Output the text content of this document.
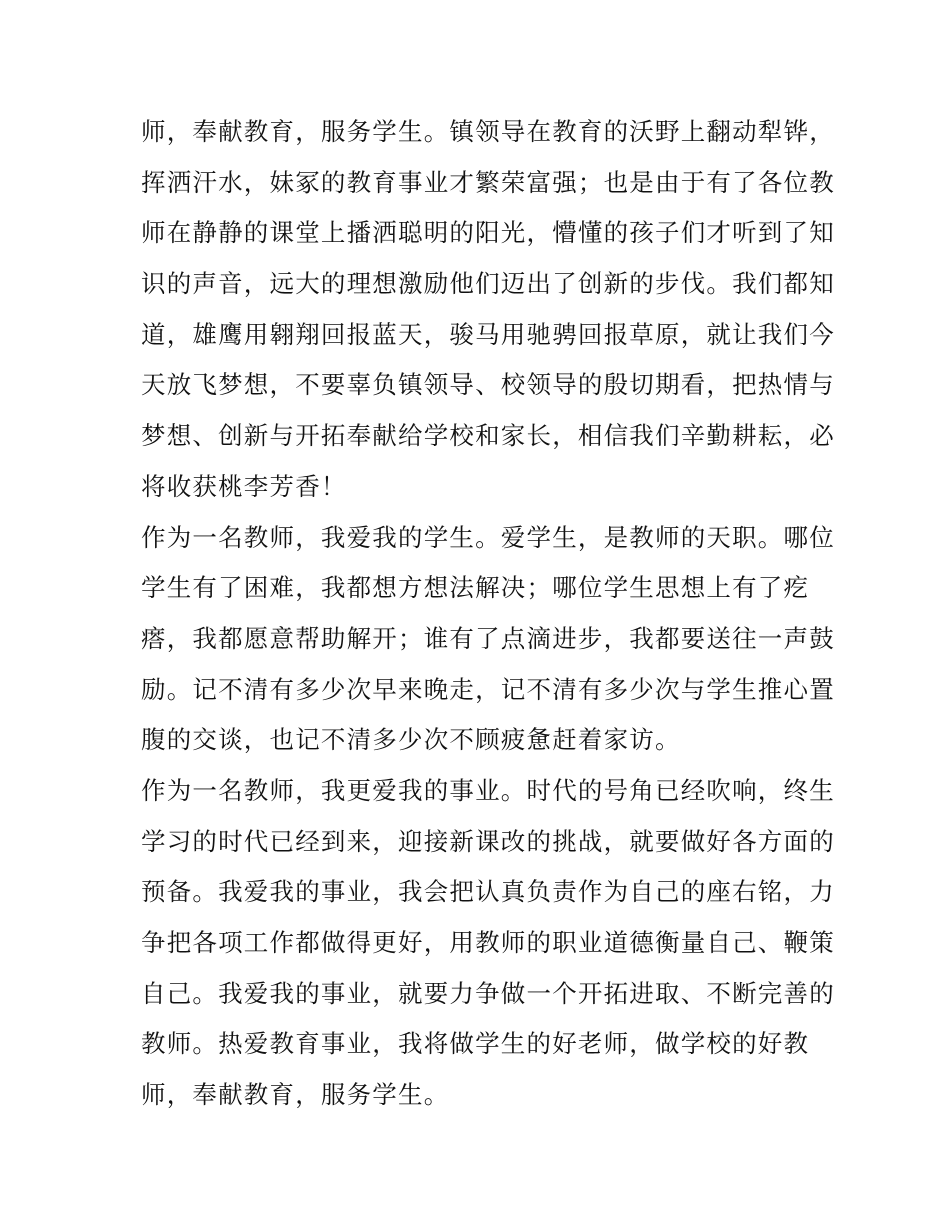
师，奉献教育，服务学生。镇领导在教育的沃野上翻动犁铧，
挥洒汗水，妹冢的教育事业才繁荣富强；也是由于有了各位教
师在静静的课堂上播洒聪明的阳光，懵懂的孩子们才听到了知
识的声音，远大的理想激励他们迈出了创新的步伐。我们都知
道，雄鹰用翱翔回报蓝天，骏马用驰骋回报草原，就让我们今
天放飞梦想，不要辜负镇领导、校领导的殷切期看，把热情与
梦想、创新与开拓奉献给学校和家长，相信我们辛勤耕耘，必
将收获桃李芳香！
作为一名教师，我爱我的学生。爱学生，是教师的天职。哪位
学生有了困难，我都想方想法解决；哪位学生思想上有了疙
瘩，我都愿意帮助解开；谁有了点滴进步，我都要送往一声鼓
励。记不清有多少次早来晚走，记不清有多少次与学生推心置
腹的交谈，也记不清多少次不顾疲惫赶着家访。
作为一名教师，我更爱我的事业。时代的号角已经吹响，终生
学习的时代已经到来，迎接新课改的挑战，就要做好各方面的
预备。我爱我的事业，我会把认真负责作为自己的座右铭，力
争把各项工作都做得更好，用教师的职业道德衡量自己、鞭策
自己。我爱我的事业，就要力争做一个开拓进取、不断完善的
教师。热爱教育事业，我将做学生的好老师，做学校的好教
师，奉献教育，服务学生。
